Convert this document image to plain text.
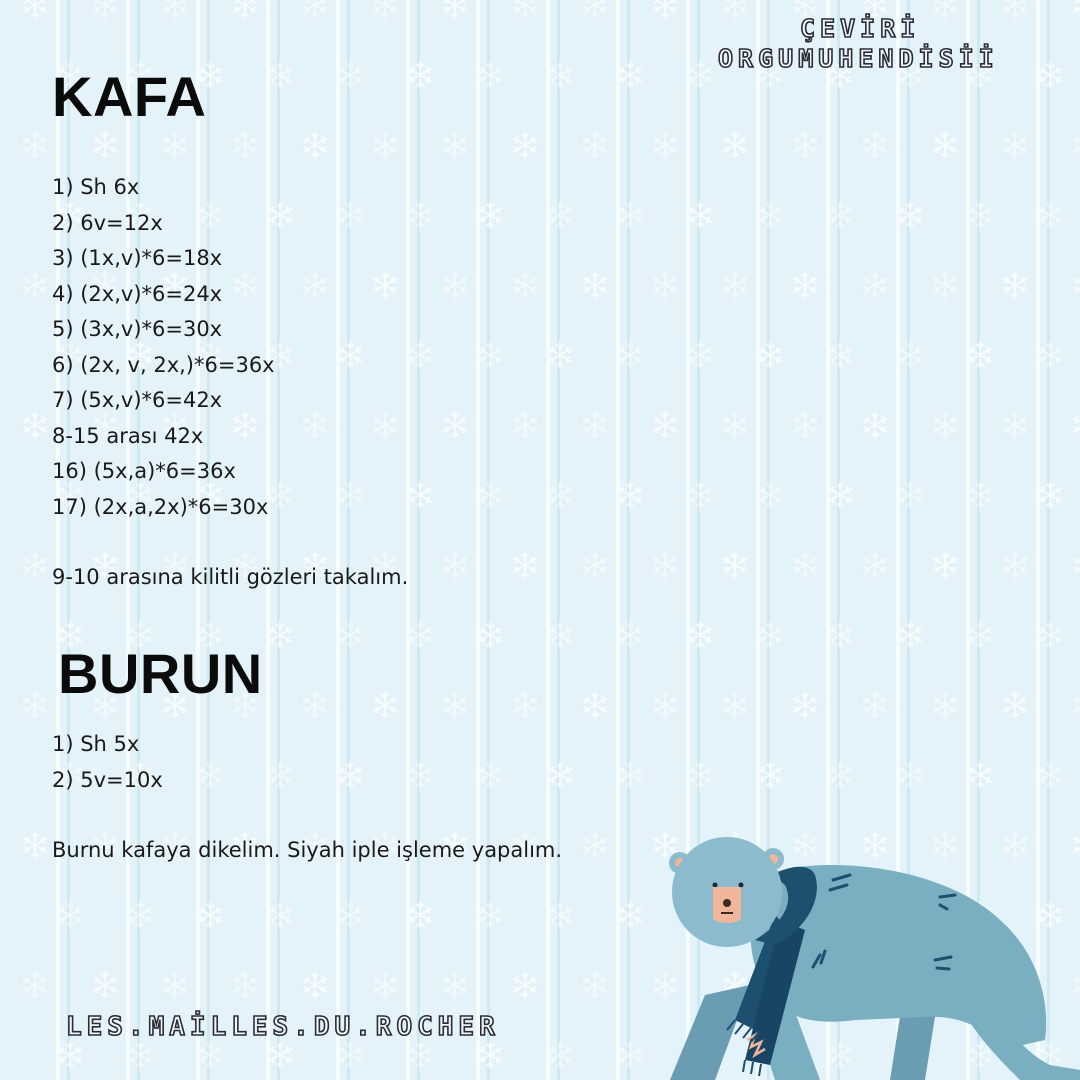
ÇEVİRİ
ORGUMUHENDİSİİ
KAFA
1) Sh 6x
2) 6v=12x
3) (1x,v)*6=18x
4) (2x,v)*6=24x
5) (3x,v)*6=30x
6) (2x, v, 2x,)*6=36x
7) (5x,v)*6=42x
8-15 arası 42x
16) (5x,a)*6=36x
17) (2x,a,2x)*6=30x

9-10 arasına kilitli gözleri takalım.

BURUN
1) Sh 5x
2) 5v=10x

Burnu kafaya dikelim. Siyah iple işleme yapalım.

LES.MAİLLES.DU.ROCHER
